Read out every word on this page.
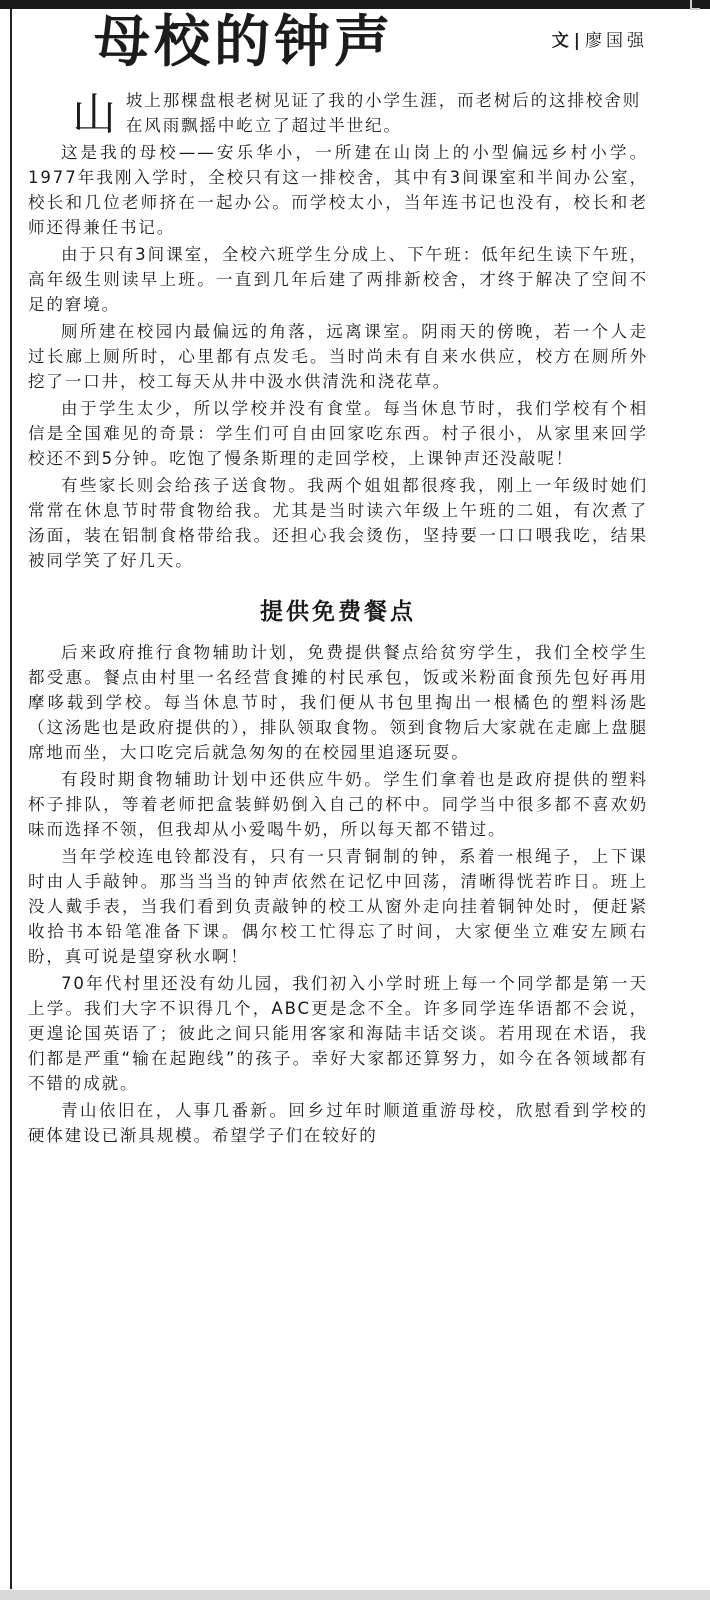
母校的钟声	文|廖国强
山坡上那棵盘根老树见证了我的小学生涯，而老树后的这排校舍则在风雨飘摇中屹立了超过半世纪。

这是我的母校——安乐华小，一所建在山岗上的小型偏远乡村小学。1977年我刚入学时，全校只有这一排校舍，其中有3间课室和半间办公室，校长和几位老师挤在一起办公。而学校太小，当年连书记也没有，校长和老师还得兼任书记。

由于只有3间课室，全校六班学生分成上、下午班：低年纪生读下午班，高年级生则读早上班。一直到几年后建了两排新校舍，才终于解决了空间不足的窘境。

厕所建在校园内最偏远的角落，远离课室。阴雨天的傍晚，若一个人走过长廊上厕所时，心里都有点发毛。当时尚未有自来水供应，校方在厕所外挖了一口井，校工每天从井中汲水供清洗和浇花草。

由于学生太少，所以学校并没有食堂。每当休息节时，我们学校有个相信是全国难见的奇景：学生们可自由回家吃东西。村子很小，从家里来回学校还不到5分钟。吃饱了慢条斯理的走回学校，上课钟声还没敲呢！

有些家长则会给孩子送食物。我两个姐姐都很疼我，刚上一年级时她们常常在休息节时带食物给我。尤其是当时读六年级上午班的二姐，有次煮了汤面，装在铝制食格带给我。还担心我会烫伤，坚持要一口口喂我吃，结果被同学笑了好几天。

提供免费餐点

后来政府推行食物辅助计划，免费提供餐点给贫穷学生，我们全校学生都受惠。餐点由村里一名经营食摊的村民承包，饭或米粉面食预先包好再用摩哆载到学校。每当休息节时，我们便从书包里掏出一根橘色的塑料汤匙（这汤匙也是政府提供的），排队领取食物。领到食物后大家就在走廊上盘腿席地而坐，大口吃完后就急匆匆的在校园里追逐玩耍。

有段时期食物辅助计划中还供应牛奶。学生们拿着也是政府提供的塑料杯子排队，等着老师把盒装鲜奶倒入自己的杯中。同学当中很多都不喜欢奶味而选择不领，但我却从小爱喝牛奶，所以每天都不错过。

当年学校连电铃都没有，只有一只青铜制的钟，系着一根绳子，上下课时由人手敲钟。那当当当的钟声依然在记忆中回荡，清晰得恍若昨日。班上没人戴手表，当我们看到负责敲钟的校工从窗外走向挂着铜钟处时，便赶紧收拾书本铅笔准备下课。偶尔校工忙得忘了时间，大家便坐立难安左顾右盼，真可说是望穿秋水啊！

70年代村里还没有幼儿园，我们初入小学时班上每一个同学都是第一天上学。我们大字不识得几个，ABC更是念不全。许多同学连华语都不会说，更遑论国英语了；彼此之间只能用客家和海陆丰话交谈。若用现在术语，我们都是严重“输在起跑线”的孩子。幸好大家都还算努力，如今在各领域都有不错的成就。

青山依旧在，人事几番新。回乡过年时顺道重游母校，欣慰看到学校的硬体建设已渐具规模。希望学子们在较好的
